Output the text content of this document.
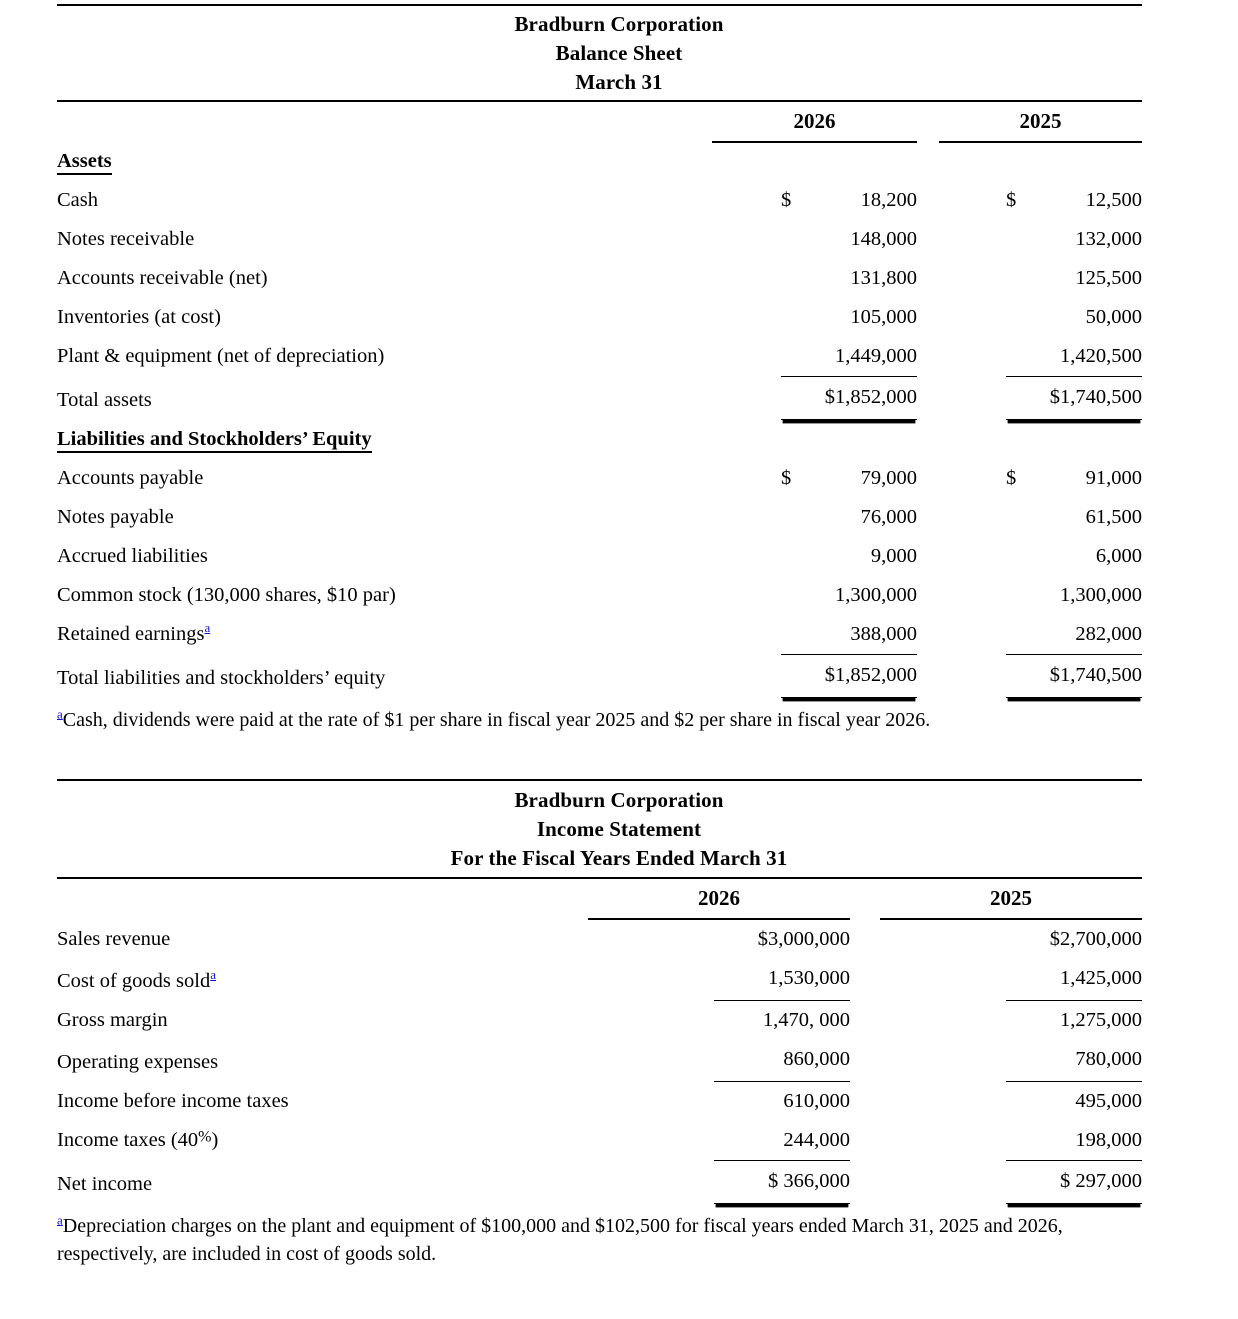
Bradburn Corporation
Balance Sheet
March 31
	2026		2025
Assets			
Cash	$ 18,200		$ 12,500
Notes receivable	148,000		132,000
Accounts receivable (net)	131,800		125,500
Inventories (at cost)	105,000		50,000
Plant & equipment (net of depreciation)	1,449,000		1,420,500
Total assets	$1,852,000		$1,740,500
Liabilities and Stockholders’ Equity			
Accounts payable	$ 79,000		$ 91,000
Notes payable	76,000		61,500
Accrued liabilities	9,000		6,000
Common stock (130,000 shares, $10 par)	1,300,000		1,300,000
Retained earnings$^a$	388,000		282,000
Total liabilities and stockholders’ equity	$1,852,000		$1,740,500
$^a$Cash, dividends were paid at the rate of $1 per share in fiscal year 2025 and $2 per share in fiscal year 2026.
Bradburn Corporation
Income Statement
For the Fiscal Years Ended March 31
	2026		2025
Sales revenue	$3,000,000		$2,700,000
Cost of goods sold$^a$	1,530,000		1,425,000
Gross margin	1,470, 000		1,275,000
Operating expenses	860,000		780,000
Income before income taxes	610,000		495,000
Income taxes (40%)	244,000		198,000
Net income	$ 366,000		$ 297,000
$^a$Depreciation charges on the plant and equipment of $100,000 and $102,500 for fiscal years ended March 31, 2025 and 2026, respectively, are included in cost of goods sold.
